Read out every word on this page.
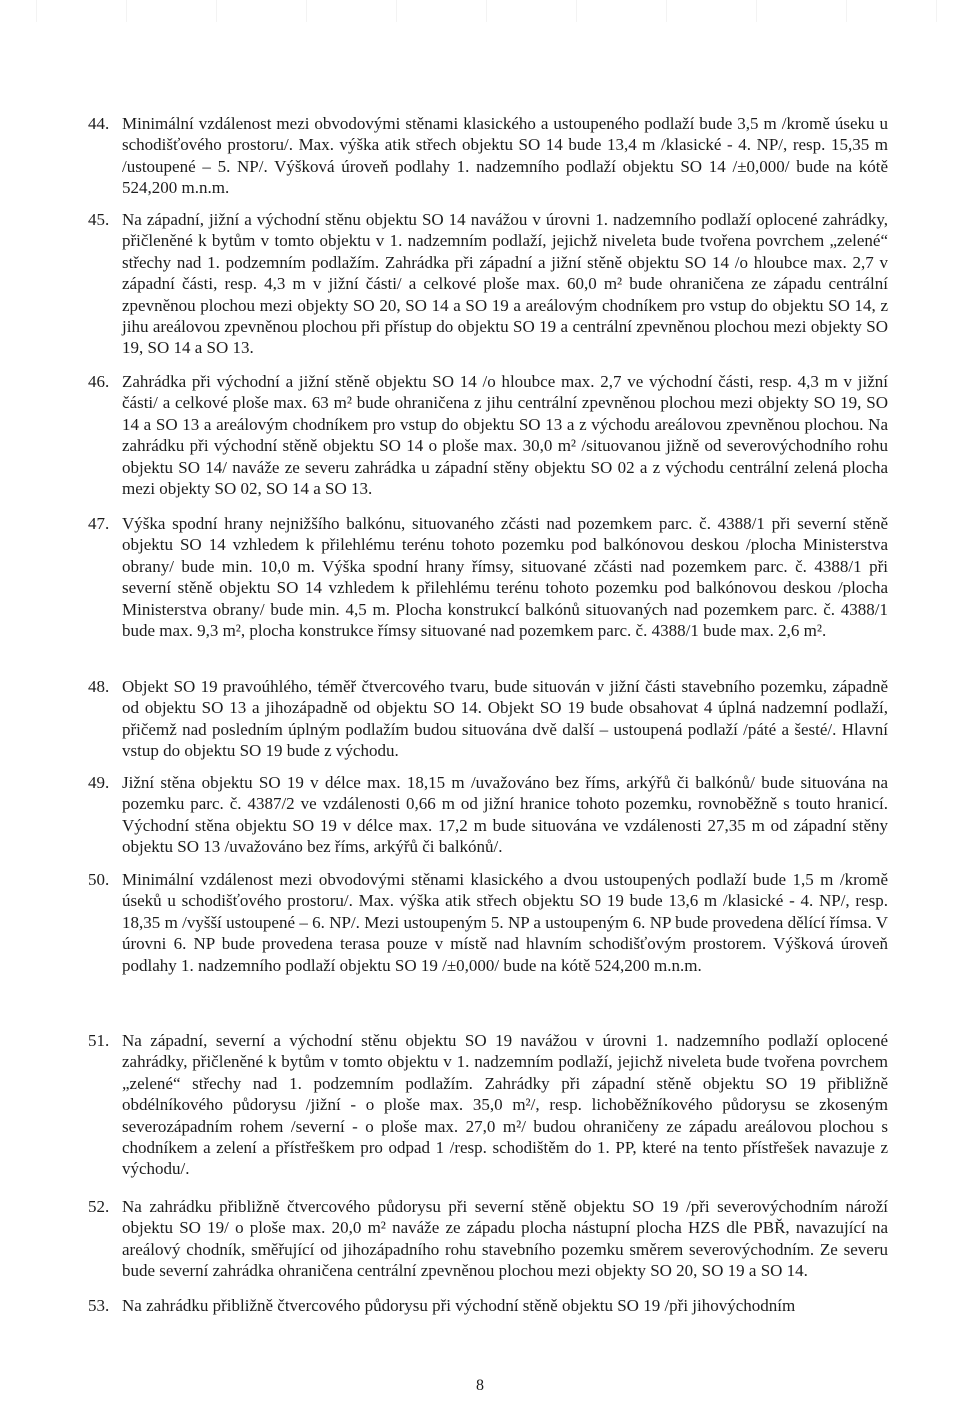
44. Minimální vzdálenost mezi obvodovými stěnami klasického a ustoupeného podlaží bude 3,5 m /kromě úseku u schodišťového prostoru/. Max. výška atik střech objektu SO 14 bude 13,4 m /klasické - 4. NP/, resp. 15,35 m /ustoupené – 5. NP/. Výšková úroveň podlahy 1. nadzemního podlaží objektu SO 14 /±0,000/ bude na kótě 524,200 m.n.m.
45. Na západní, jižní a východní stěnu objektu SO 14 navážou v úrovni 1. nadzemního podlaží oplocené zahrádky, přičleněné k bytům v tomto objektu v 1. nadzemním podlaží, jejichž niveleta bude tvořena povrchem „zelené“ střechy nad 1. podzemním podlažím. Zahrádka při západní a jižní stěně objektu SO 14 /o hloubce max. 2,7 v západní části, resp. 4,3 m v jižní části/ a celkové ploše max. 60,0 m² bude ohraničena ze západu centrální zpevněnou plochou mezi objekty SO 20, SO 14 a SO 19 a areálovým chodníkem pro vstup do objektu SO 14, z jihu areálovou zpevněnou plochou při přístup do objektu SO 19 a centrální zpevněnou plochou mezi objekty SO 19, SO 14 a SO 13.
46. Zahrádka při východní a jižní stěně objektu SO 14 /o hloubce max. 2,7 ve východní části, resp. 4,3 m v jižní části/ a celkové ploše max. 63 m² bude ohraničena z jihu centrální zpevněnou plochou mezi objekty SO 19, SO 14 a SO 13 a areálovým chodníkem pro vstup do objektu SO 13 a z východu areálovou zpevněnou plochou. Na zahrádku při východní stěně objektu SO 14 o ploše max. 30,0 m² /situovanou jižně od severovýchodního rohu objektu SO 14/ naváže ze severu zahrádka u západní stěny objektu SO 02 a z východu centrální zelená plocha mezi objekty SO 02, SO 14 a SO 13.
47. Výška spodní hrany nejnižšího balkónu, situovaného zčásti nad pozemkem parc. č. 4388/1 při severní stěně objektu SO 14 vzhledem k přilehlému terénu tohoto pozemku pod balkónovou deskou /plocha Ministerstva obrany/ bude min. 10,0 m. Výška spodní hrany římsy, situované zčásti nad pozemkem parc. č. 4388/1 při severní stěně objektu SO 14 vzhledem k přilehlému terénu tohoto pozemku pod balkónovou deskou /plocha Ministerstva obrany/ bude min. 4,5 m. Plocha konstrukcí balkónů situovaných nad pozemkem parc. č. 4388/1 bude max. 9,3 m², plocha konstrukce římsy situované nad pozemkem parc. č. 4388/1 bude max. 2,6 m².
48. Objekt SO 19 pravoúhlého, téměř čtvercového tvaru, bude situován v jižní části stavebního pozemku, západně od objektu SO 13 a jihozápadně od objektu SO 14. Objekt SO 19 bude obsahovat 4 úplná nadzemní podlaží, přičemž nad posledním úplným podlažím budou situována dvě další – ustoupená podlaží /páté a šesté/. Hlavní vstup do objektu SO 19 bude z východu.
49. Jižní stěna objektu SO 19 v délce max. 18,15 m /uvažováno bez říms, arkýřů či balkónů/ bude situována na pozemku parc. č. 4387/2 ve vzdálenosti 0,66 m od jižní hranice tohoto pozemku, rovnoběžně s touto hranicí. Východní stěna objektu SO 19 v délce max. 17,2 m bude situována ve vzdálenosti 27,35 m od západní stěny objektu SO 13 /uvažováno bez říms, arkýřů či balkónů/.
50. Minimální vzdálenost mezi obvodovými stěnami klasického a dvou ustoupených podlaží bude 1,5 m /kromě úseků u schodišťového prostoru/. Max. výška atik střech objektu SO 19 bude 13,6 m /klasické - 4. NP/, resp. 18,35 m /vyšší ustoupené – 6. NP/. Mezi ustoupeným 5. NP a ustoupeným 6. NP bude provedena dělící římsa. V úrovni 6. NP bude provedena terasa pouze v místě nad hlavním schodišťovým prostorem. Výšková úroveň podlahy 1. nadzemního podlaží objektu SO 19 /±0,000/ bude na kótě 524,200 m.n.m.
51. Na západní, severní a východní stěnu objektu SO 19 navážou v úrovni 1. nadzemního podlaží oplocené zahrádky, přičleněné k bytům v tomto objektu v 1. nadzemním podlaží, jejichž niveleta bude tvořena povrchem „zelené“ střechy nad 1. podzemním podlažím. Zahrádky při západní stěně objektu SO 19 přibližně obdélníkového půdorysu /jižní - o ploše max. 35,0 m²/, resp. lichoběžníkového půdorysu se zkoseným severozápadním rohem /severní - o ploše max. 27,0 m²/ budou ohraničeny ze západu areálovou plochou s chodníkem a zelení a přístřeškem pro odpad 1 /resp. schodištěm do 1. PP, které na tento přístřešek navazuje z východu/.
52. Na zahrádku přibližně čtvercového půdorysu při severní stěně objektu SO 19 /při severovýchodním nároží objektu SO 19/ o ploše max. 20,0 m² naváže ze západu plocha nástupní plocha HZS dle PBŘ, navazující na areálový chodník, směřující od jihozápadního rohu stavebního pozemku směrem severovýchodním. Ze severu bude severní zahrádka ohraničena centrální zpevněnou plochou mezi objekty SO 20, SO 19 a SO 14.
53. Na zahrádku přibližně čtvercového půdorysu při východní stěně objektu SO 19 /při jihovýchodním
8
